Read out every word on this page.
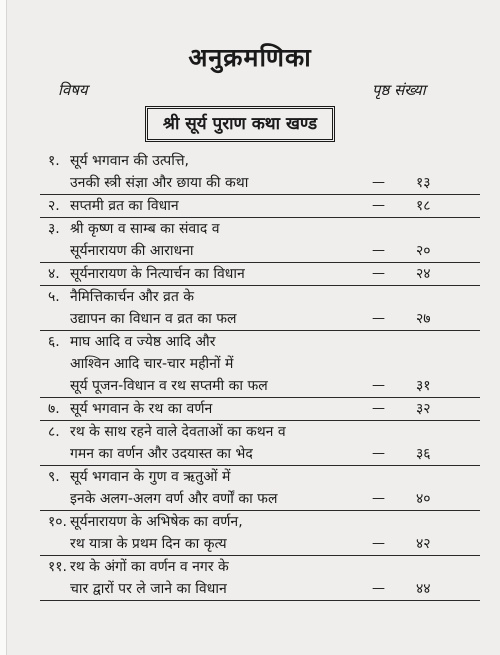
अनुक्रमणिका
विषय	पृष्ठ संख्या
श्री सूर्य पुराण कथा खण्ड
१. सूर्य भगवान की उत्पत्ति,
उनकी स्त्री संज्ञा और छाया की कथा	— १३
२. सप्तमी व्रत का विधान	— १८
३. श्री कृष्ण व साम्ब का संवाद व
सूर्यनारायण की आराधना	— २०
४. सूर्यनारायण के नित्यार्चन का विधान	— २४
५. नैमित्तिकार्चन और व्रत के
उद्यापन का विधान व व्रत का फल	— २७
६. माघ आदि व ज्येष्ठ आदि और
आश्विन आदि चार-चार महीनों में
सूर्य पूजन-विधान व रथ सप्तमी का फल	— ३१
७. सूर्य भगवान के रथ का वर्णन	— ३२
८. रथ के साथ रहने वाले देवताओं का कथन व
गमन का वर्णन और उदयास्त का भेद	— ३६
९. सूर्य भगवान के गुण व ऋतुओं में
इनके अलग-अलग वर्ण और वर्णों का फल	— ४०
१०. सूर्यनारायण के अभिषेक का वर्णन,
रथ यात्रा के प्रथम दिन का कृत्य	— ४२
११. रथ के अंगों का वर्णन व नगर के
चार द्वारों पर ले जाने का विधान	— ४४
